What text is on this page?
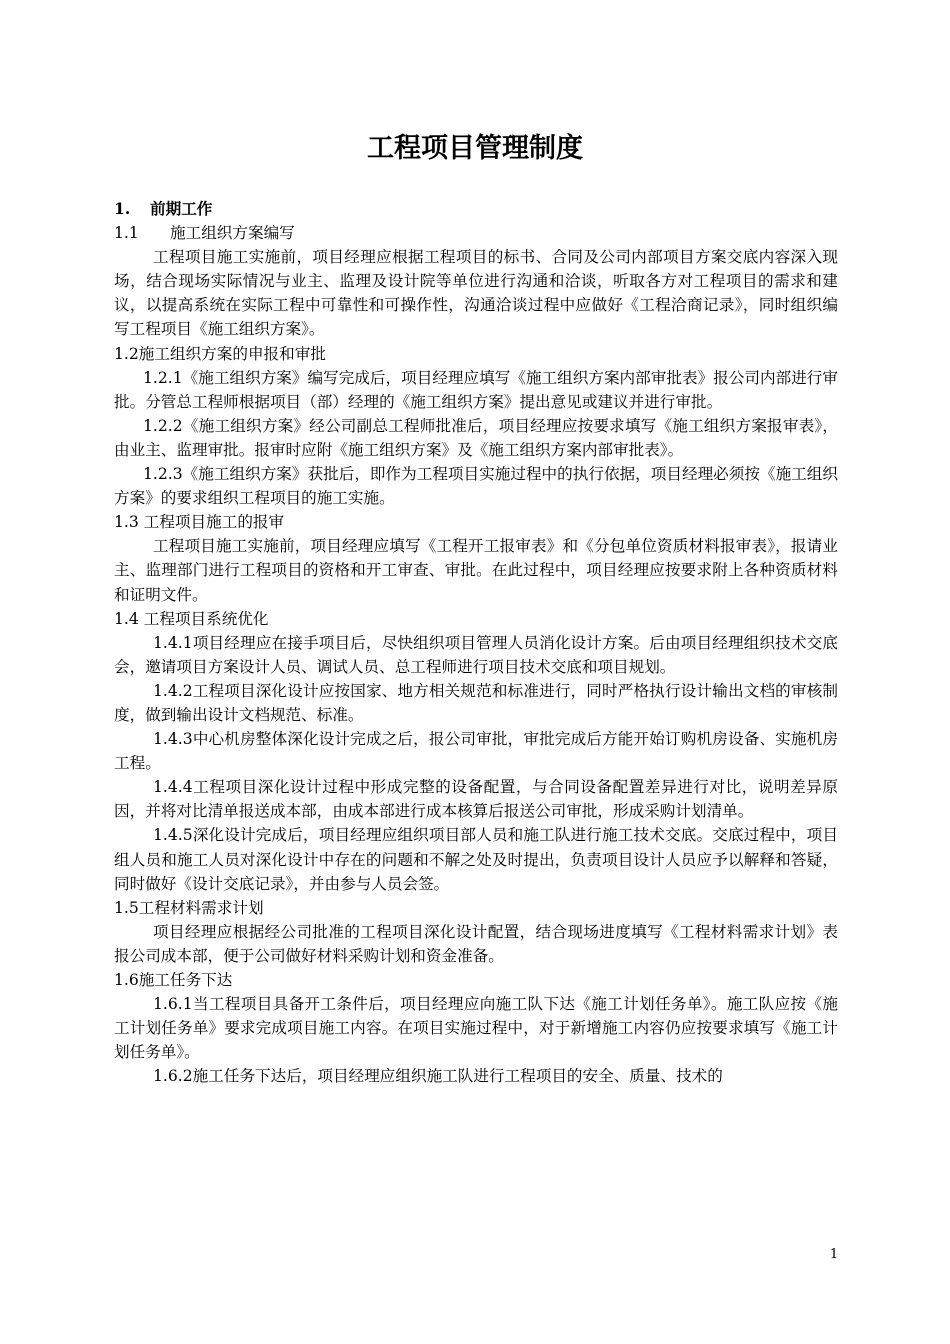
工程项目管理制度

1. 前期工作

1.1 施工组织方案编写

工程项目施工实施前，项目经理应根据工程项目的标书、合同及公司内部项目方案交底内容深入现场，结合现场实际情况与业主、监理及设计院等单位进行沟通和洽谈，听取各方对工程项目的需求和建议，以提高系统在实际工程中可靠性和可操作性，沟通洽谈过程中应做好《工程洽商记录》，同时组织编写工程项目《施工组织方案》。

1.2施工组织方案的申报和审批

1.2.1《施工组织方案》编写完成后，项目经理应填写《施工组织方案内部审批表》报公司内部进行审批。分管总工程师根据项目（部）经理的《施工组织方案》提出意见或建议并进行审批。

1.2.2《施工组织方案》经公司副总工程师批准后，项目经理应按要求填写《施工组织方案报审表》，由业主、监理审批。报审时应附《施工组织方案》及《施工组织方案内部审批表》。

1.2.3《施工组织方案》获批后，即作为工程项目实施过程中的执行依据，项目经理必须按《施工组织方案》的要求组织工程项目的施工实施。

1.3 工程项目施工的报审

工程项目施工实施前，项目经理应填写《工程开工报审表》和《分包单位资质材料报审表》，报请业主、监理部门进行工程项目的资格和开工审查、审批。在此过程中，项目经理应按要求附上各种资质材料和证明文件。

1.4 工程项目系统优化

1.4.1项目经理应在接手项目后，尽快组织项目管理人员消化设计方案。后由项目经理组织技术交底会，邀请项目方案设计人员、调试人员、总工程师进行项目技术交底和项目规划。

1.4.2工程项目深化设计应按国家、地方相关规范和标准进行，同时严格执行设计输出文档的审核制度，做到输出设计文档规范、标准。

1.4.3中心机房整体深化设计完成之后，报公司审批，审批完成后方能开始订购机房设备、实施机房工程。

1.4.4工程项目深化设计过程中形成完整的设备配置，与合同设备配置差异进行对比，说明差异原因，并将对比清单报送成本部，由成本部进行成本核算后报送公司审批，形成采购计划清单。

1.4.5深化设计完成后，项目经理应组织项目部人员和施工队进行施工技术交底。交底过程中，项目组人员和施工人员对深化设计中存在的问题和不解之处及时提出，负责项目设计人员应予以解释和答疑，同时做好《设计交底记录》，并由参与人员会签。

1.5工程材料需求计划

项目经理应根据经公司批准的工程项目深化设计配置，结合现场进度填写《工程材料需求计划》表报公司成本部，便于公司做好材料采购计划和资金准备。

1.6施工任务下达

1.6.1当工程项目具备开工条件后，项目经理应向施工队下达《施工计划任务单》。施工队应按《施工计划任务单》要求完成项目施工内容。在项目实施过程中，对于新增施工内容仍应按要求填写《施工计划任务单》。

1.6.2施工任务下达后，项目经理应组织施工队进行工程项目的安全、质量、技术的

1
